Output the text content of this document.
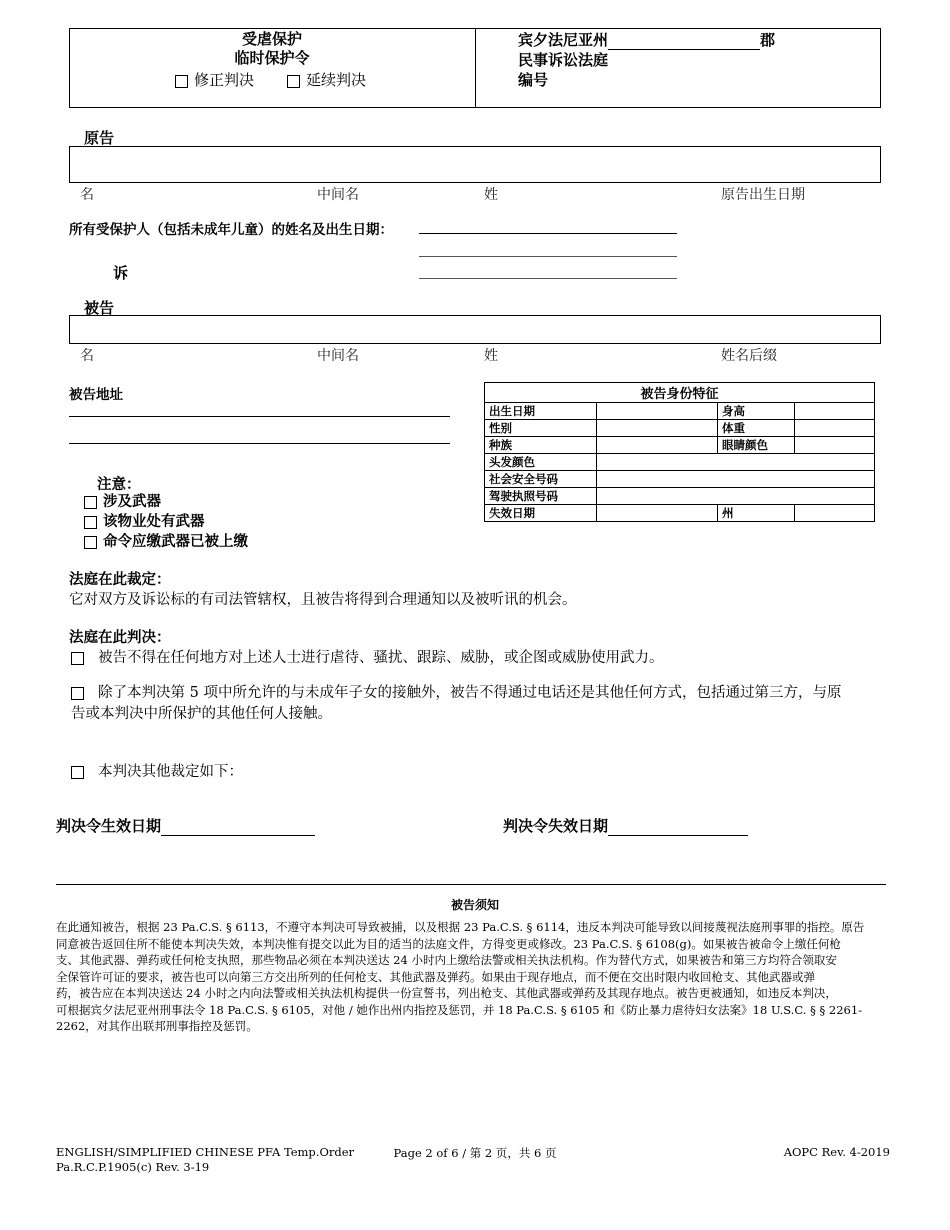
受虐保护
临时保护令
修正判决	延续判决
宾夕法尼亚州	郡
民事诉讼法庭
编号
原告
名	中间名	姓	原告出生日期
所有受保护人（包括未成年儿童）的姓名及出生日期：
诉
被告
名	中间名	姓	姓名后缀
被告地址	被告身份特征			
出生日期		身高	
性别		体重	
种族		眼睛颜色	
头发颜色			
社会安全号码			
驾驶执照号码			
失效日期		州	
注意：
涉及武器
该物业处有武器
命令应缴武器已被上缴
法庭在此裁定：
它对双方及诉讼标的有司法管辖权，且被告将得到合理通知以及被听讯的机会。
法庭在此判决：
被告不得在任何地方对上述人士进行虐待、骚扰、跟踪、威胁，或企图或威胁使用武力。
除了本判决第 5 项中所允许的与未成年子女的接触外，被告不得通过电话还是其他任何方式，包括通过第三方，与原
告或本判决中所保护的其他任何人接触。
本判决其他裁定如下：
判决令生效日期	判决令失效日期
被告须知
在此通知被告，根据 23 Pa.C.S. § 6113，不遵守本判决可导致被捕，以及根据 23 Pa.C.S. § 6114，违反本判决可能导致以间接蔑视法庭刑事罪的指控。原告
同意被告返回住所不能使本判决失效，本判决惟有提交以此为目的适当的法庭文件，方得变更或修改。23 Pa.C.S. § 6108(g)。如果被告被命令上缴任何枪
支、其他武器、弹药或任何枪支执照，那些物品必须在本判决送达 24 小时内上缴给法警或相关执法机构。作为替代方式，如果被告和第三方均符合领取安
全保管许可证的要求，被告也可以向第三方交出所列的任何枪支、其他武器及弹药。如果由于现存地点，而不便在交出时限内收回枪支、其他武器或弹
药，被告应在本判决送达 24 小时之内向法警或相关执法机构提供一份宣誓书，列出枪支、其他武器或弹药及其现存地点。被告更被通知，如违反本判决，
可根据宾夕法尼亚州刑事法令 18 Pa.C.S. § 6105，对他 / 她作出州内指控及惩罚，并 18 Pa.C.S. § 6105 和《防止暴力虐待妇女法案》18 U.S.C. § § 2261-
2262，对其作出联邦刑事指控及惩罚。
ENGLISH/SIMPLIFIED CHINESE PFA Temp.Order
Pa.R.C.P.1905(c) Rev. 3-19
Page 2 of 6 / 第 2 页，共 6 页	AOPC Rev. 4-2019
